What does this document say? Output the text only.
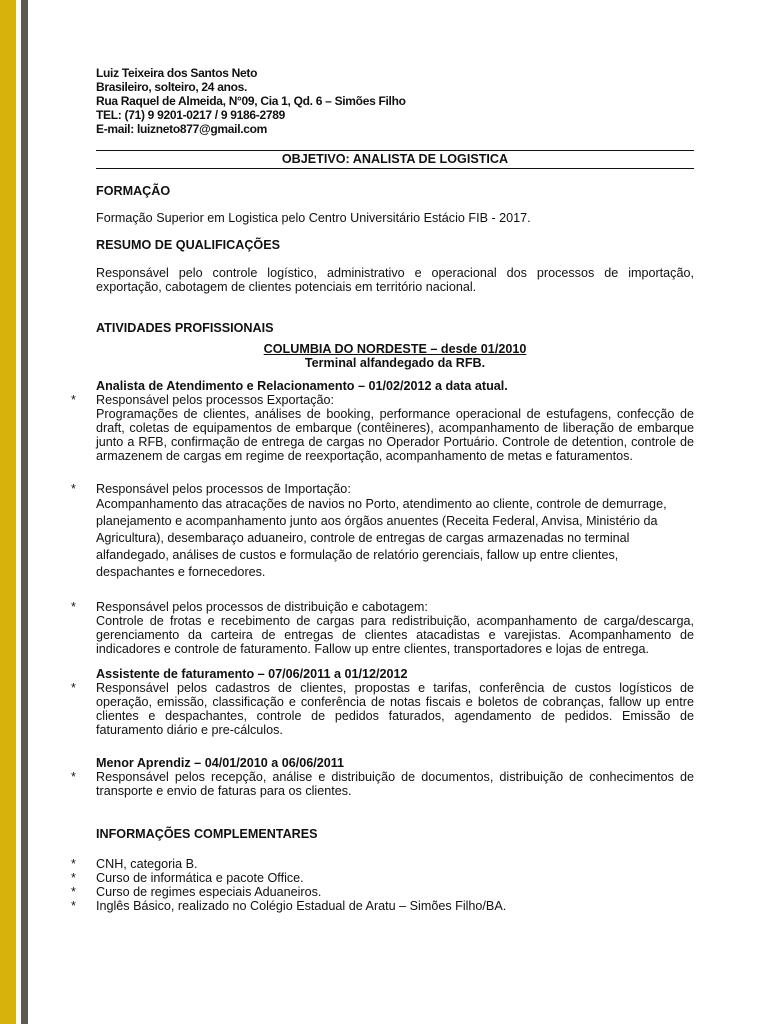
Luiz Teixeira dos Santos Neto
Brasileiro, solteiro, 24 anos.
Rua Raquel de Almeida, N°09, Cia 1, Qd. 6 – Simões Filho
TEL: (71) 9 9201-0217 / 9 9186-2789
E-mail: luizneto877@gmail.com
OBJETIVO: ANALISTA DE LOGISTICA
FORMAÇÃO

Formação Superior em Logistica pelo Centro Universitário Estácio FIB - 2017.

RESUMO DE QUALIFICAÇÕES

Responsável pelo controle logístico, administrativo e operacional dos processos de importação, exportação, cabotagem de clientes potenciais em território nacional.

ATIVIDADES PROFISSIONAIS
COLUMBIA DO NORDESTE – desde 01/2010
Terminal alfandegado da RFB.
Analista de Atendimento e Relacionamento – 01/02/2012 a data atual.
* Responsável pelos processos Exportação:

Programações de clientes, análises de booking, performance operacional de estufagens, confecção de draft, coletas de equipamentos de embarque (contêineres), acompanhamento de liberação de embarque junto a RFB, confirmação de entrega de cargas no Operador Portuário. Controle de detention, controle de armazenem de cargas em regime de reexportação, acompanhamento de metas e faturamentos.

* Responsável pelos processos de Importação:

Acompanhamento das atracações de navios no Porto, atendimento ao cliente, controle de demurrage, planejamento e acompanhamento junto aos órgãos anuentes (Receita Federal, Anvisa, Ministério da Agricultura), desembaraço aduaneiro, controle de entregas de cargas armazenadas no terminal alfandegado, análises de custos e formulação de relatório gerenciais, fallow up entre clientes, despachantes e fornecedores.

* Responsável pelos processos de distribuição e cabotagem:

Controle de frotas e recebimento de cargas para redistribuição, acompanhamento de carga/descarga, gerenciamento da carteira de entregas de clientes atacadistas e varejistas. Acompanhamento de indicadores e controle de faturamento. Fallow up entre clientes, transportadores e lojas de entrega.

Assistente de faturamento – 07/06/2011 a 01/12/2012
* Responsável pelos cadastros de clientes, propostas e tarifas, conferência de custos logísticos de operação, emissão, classificação e conferência de notas fiscais e boletos de cobranças, fallow up entre clientes e despachantes, controle de pedidos faturados, agendamento de pedidos. Emissão de faturamento diário e pre-cálculos.

Menor Aprendiz – 04/01/2010 a 06/06/2011
* Responsável pelos recepção, análise e distribuição de documentos, distribuição de conhecimentos de transporte e envio de faturas para os clientes.

INFORMAÇÕES COMPLEMENTARES
* CNH, categoria B.

* Curso de informática e pacote Office.

* Curso de regimes especiais Aduaneiros.

* Inglês Básico, realizado no Colégio Estadual de Aratu – Simões Filho/BA.
